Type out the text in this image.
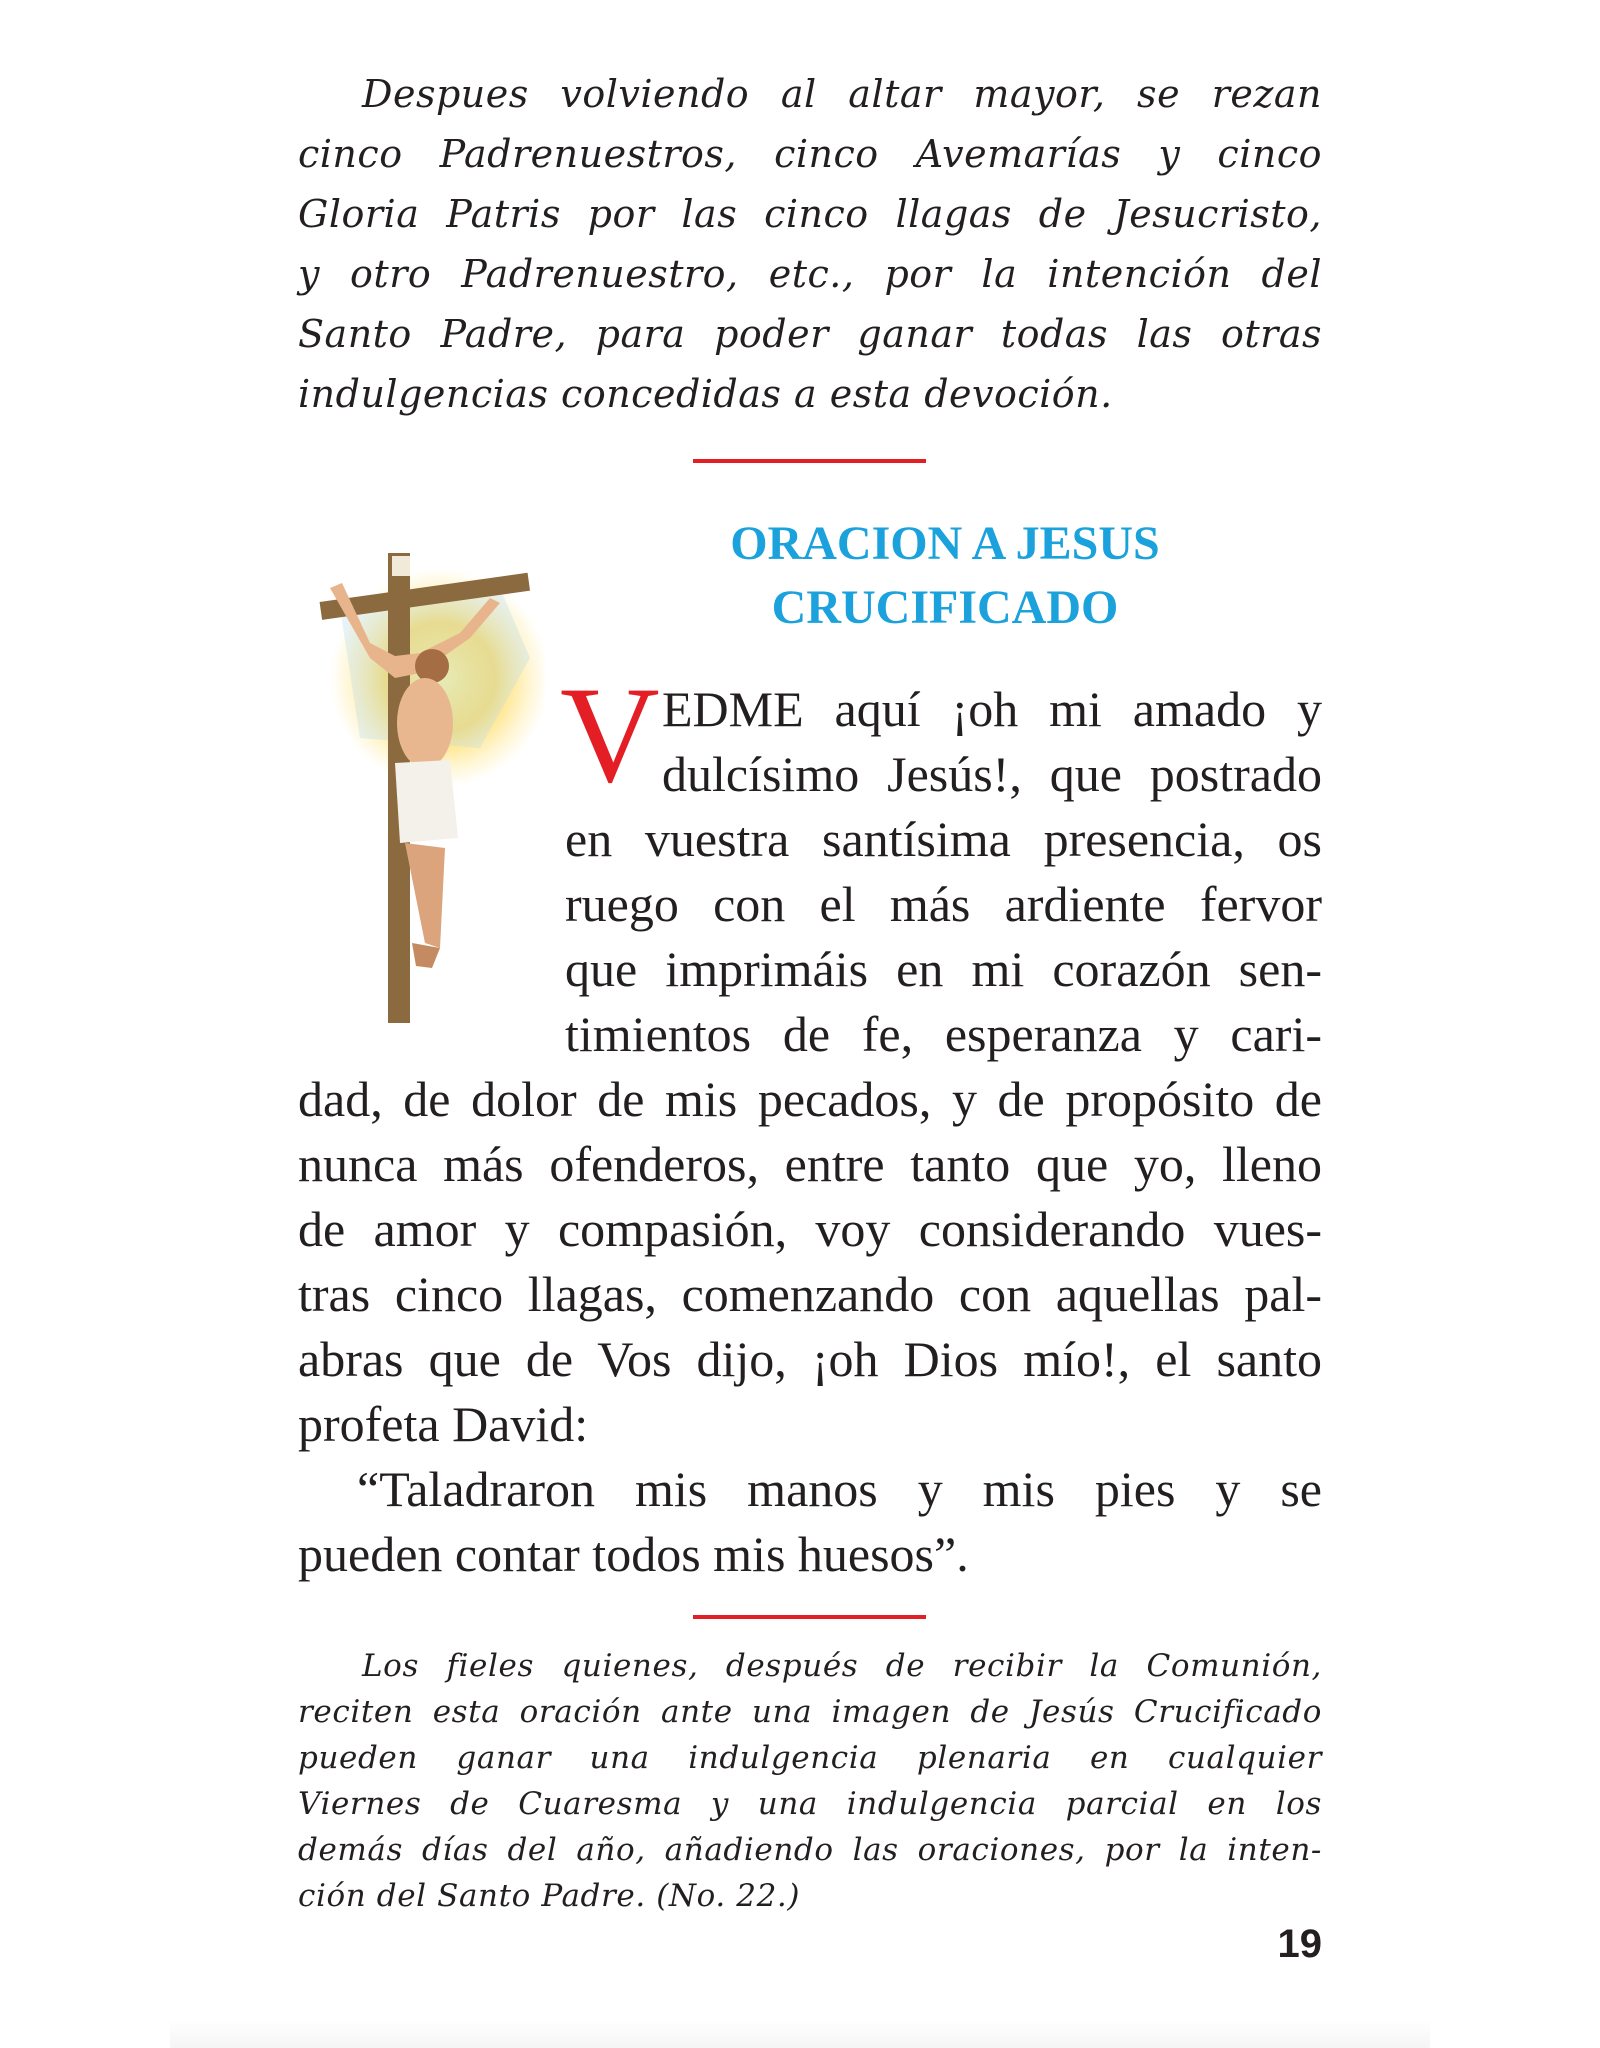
Despues volviendo al altar mayor, se rezan
cinco Padrenuestros, cinco Avemarías y cinco
Gloria Patris por las cinco llagas de Jesucristo,
y otro Padrenuestro, etc., por la intención del
Santo Padre, para poder ganar todas las otras
indulgencias concedidas a esta devoción.
ORACION A JESUS
CRUCIFICADO
V EDME aquí ¡oh mi amado y
dulcísimo Jesús!, que postrado
en vuestra santísima presencia, os
ruego con el más ardiente fervor
que imprimáis en mi corazón sen-
timientos de fe, esperanza y cari-
dad, de dolor de mis pecados, y de propósito de
nunca más ofenderos, entre tanto que yo, lleno
de amor y compasión, voy considerando vues-
tras cinco llagas, comenzando con aquellas pal-
abras que de Vos dijo, ¡oh Dios mío!, el santo
profeta David:
“Taladraron mis manos y mis pies y se
pueden contar todos mis huesos”.
Los fieles quienes, después de recibir la Comunión,
reciten esta oración ante una imagen de Jesús Crucificado
pueden ganar una indulgencia plenaria en cualquier
Viernes de Cuaresma y una indulgencia parcial en los
demás días del año, añadiendo las oraciones, por la inten-
ción del Santo Padre. (No. 22.)
19
